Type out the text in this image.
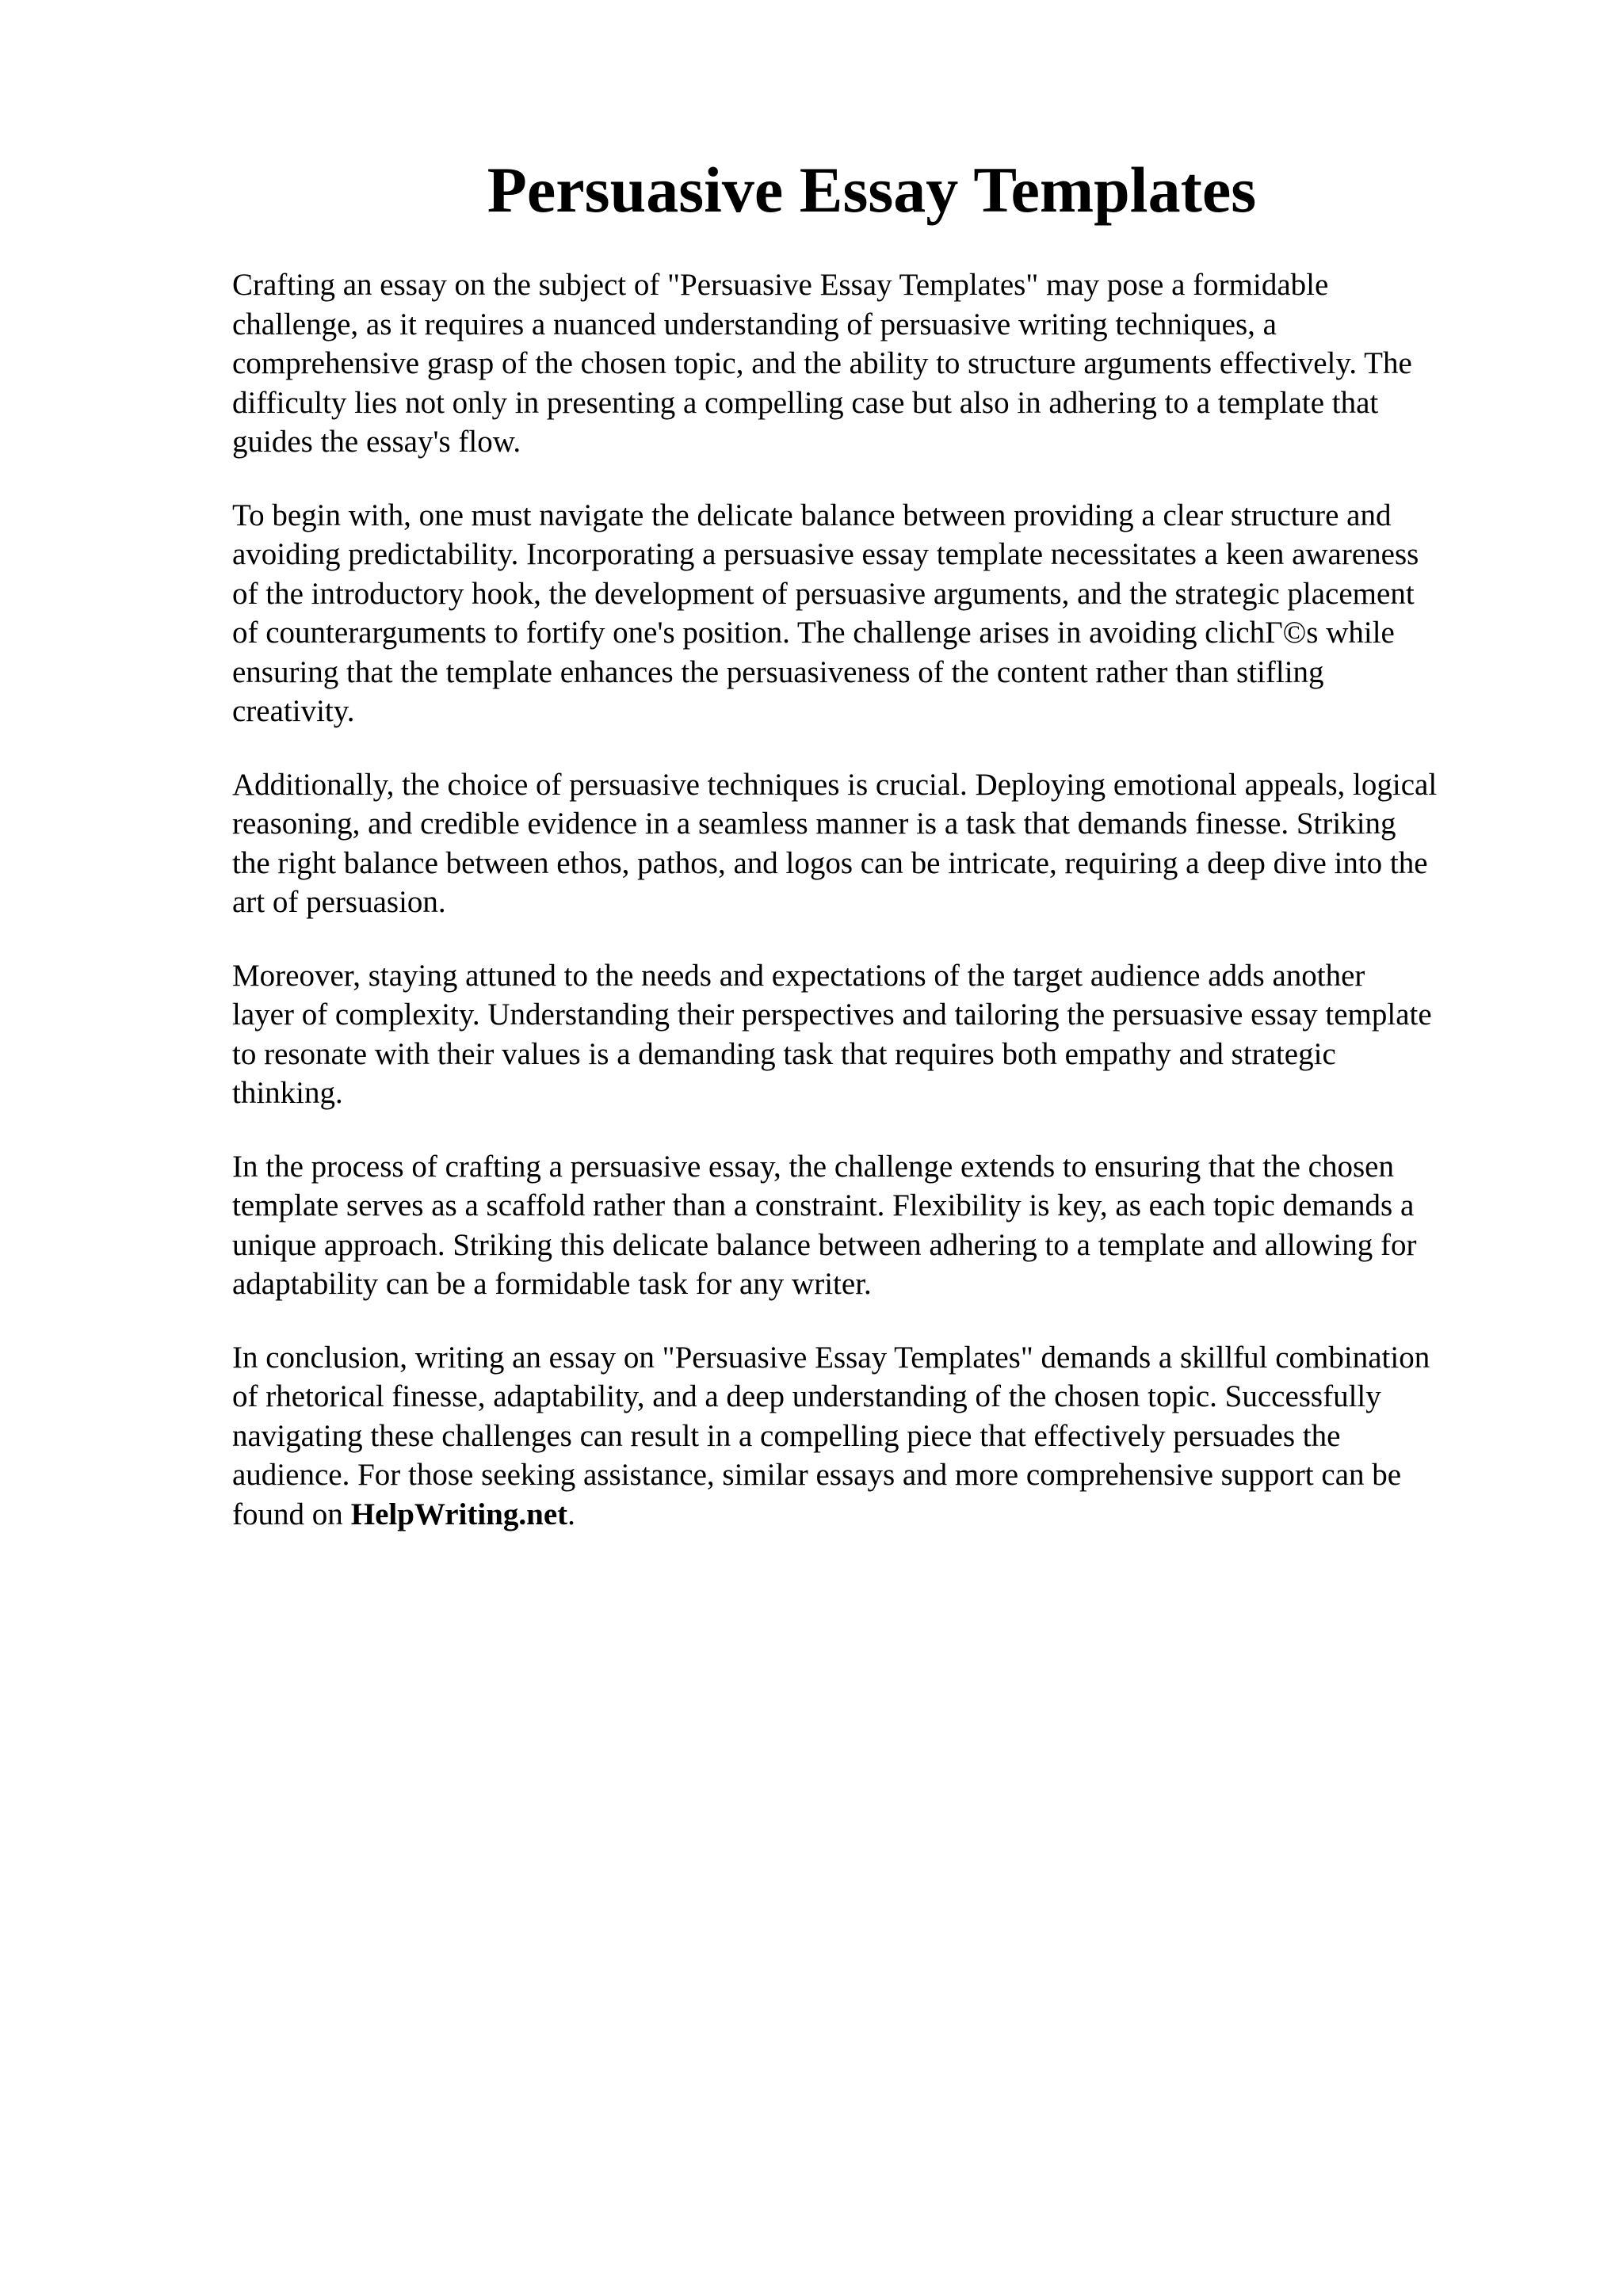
Persuasive Essay Templates

Crafting an essay on the subject of "Persuasive Essay Templates" may pose a formidable
challenge, as it requires a nuanced understanding of persuasive writing techniques, a
comprehensive grasp of the chosen topic, and the ability to structure arguments effectively. The
difficulty lies not only in presenting a compelling case but also in adhering to a template that
guides the essay's flow.

To begin with, one must navigate the delicate balance between providing a clear structure and
avoiding predictability. Incorporating a persuasive essay template necessitates a keen awareness
of the introductory hook, the development of persuasive arguments, and the strategic placement
of counterarguments to fortify one's position. The challenge arises in avoiding clichΓ©s while
ensuring that the template enhances the persuasiveness of the content rather than stifling
creativity.

Additionally, the choice of persuasive techniques is crucial. Deploying emotional appeals, logical
reasoning, and credible evidence in a seamless manner is a task that demands finesse. Striking
the right balance between ethos, pathos, and logos can be intricate, requiring a deep dive into the
art of persuasion.

Moreover, staying attuned to the needs and expectations of the target audience adds another
layer of complexity. Understanding their perspectives and tailoring the persuasive essay template
to resonate with their values is a demanding task that requires both empathy and strategic
thinking.

In the process of crafting a persuasive essay, the challenge extends to ensuring that the chosen
template serves as a scaffold rather than a constraint. Flexibility is key, as each topic demands a
unique approach. Striking this delicate balance between adhering to a template and allowing for
adaptability can be a formidable task for any writer.

In conclusion, writing an essay on "Persuasive Essay Templates" demands a skillful combination
of rhetorical finesse, adaptability, and a deep understanding of the chosen topic. Successfully
navigating these challenges can result in a compelling piece that effectively persuades the
audience. For those seeking assistance, similar essays and more comprehensive support can be
found on HelpWriting.net.
